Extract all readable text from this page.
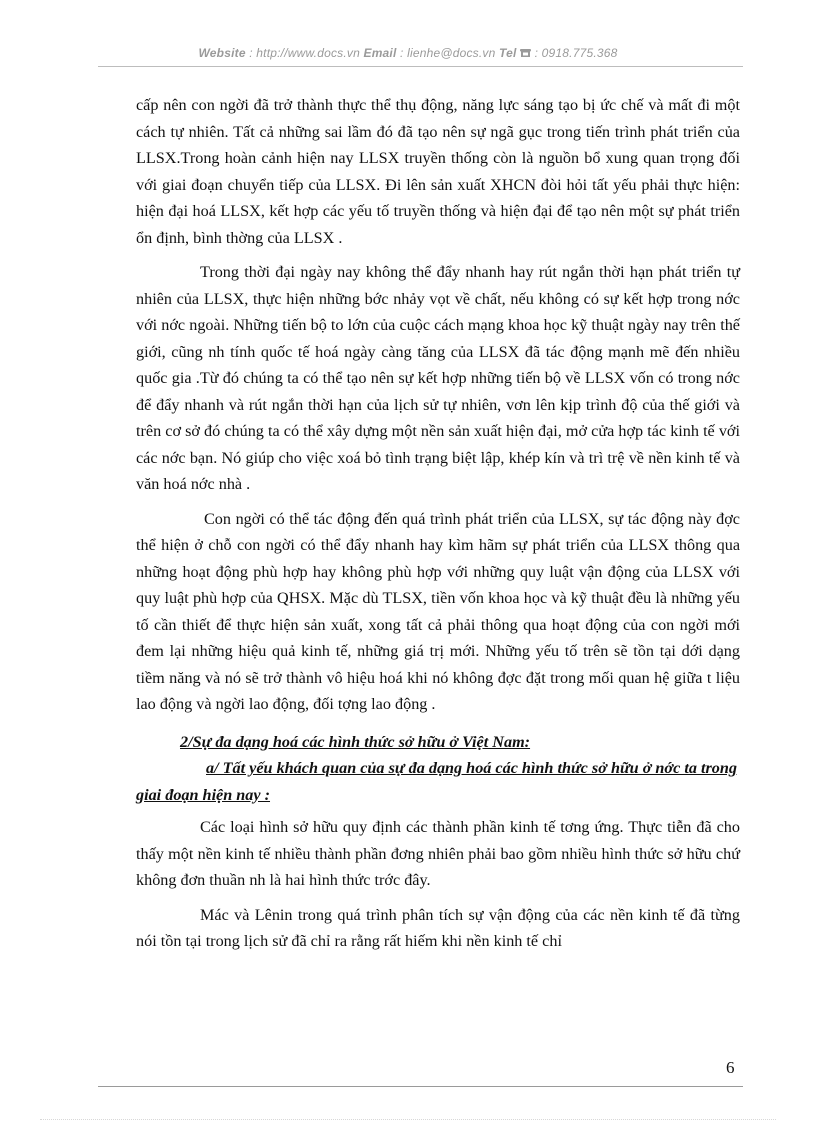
Website : http://www.docs.vn Email : lienhe@docs.vn Tel  : 0918.775.368

cấp nên con ngời đã trở thành thực thể thụ động, năng lực sáng tạo bị ức chế và mất đi một cách tự nhiên. Tất cả những sai lầm đó đã tạo nên sự ngã gục trong tiến trình phát triển của LLSX.Trong hoàn cảnh hiện nay LLSX truyền thống còn là nguồn bổ xung quan trọng đối với giai đoạn chuyển tiếp của LLSX. Đi lên sản xuất XHCN đòi hỏi tất yếu phải thực hiện: hiện đại hoá LLSX, kết hợp các yếu tố truyền thống và hiện đại để tạo nên một sự phát triển ổn định, bình thờng của LLSX .

Trong thời đại ngày nay không thể đẩy nhanh hay rút ngắn thời hạn phát triển tự nhiên của LLSX, thực hiện những bớc nhảy vọt về chất, nếu không có sự kết hợp trong nớc với nớc ngoài. Những tiến bộ to lớn của cuộc cách mạng khoa học kỹ thuật ngày nay trên thế giới, cũng nh tính quốc tế hoá ngày càng tăng của LLSX đã tác động mạnh mẽ đến nhiều quốc gia .Từ đó chúng ta có thể tạo nên sự kết hợp những tiến bộ về LLSX vốn có trong nớc để đẩy nhanh và rút ngắn thời hạn của lịch sử tự nhiên, vơn lên kịp trình độ của thế giới và trên cơ sở đó chúng ta có thể xây dựng một nền sản xuất hiện đại, mở cửa hợp tác kinh tế với các nớc bạn. Nó giúp cho việc xoá bỏ tình trạng biệt lập, khép kín và trì trệ về nền kinh tế và văn hoá nớc nhà .

Con ngời có thể tác động đến quá trình phát triển của LLSX, sự tác động này đợc thể hiện ở chỗ con ngời có thể đẩy nhanh hay kìm hãm sự phát triển của LLSX thông qua những hoạt động phù hợp hay không phù hợp với những quy luật vận động của LLSX với quy luật phù hợp của QHSX. Mặc dù TLSX, tiền vốn khoa học và kỹ thuật đều là những yếu tố cần thiết để thực hiện sản xuất, xong tất cả phải thông qua hoạt động của con ngời mới đem lại những hiệu quả kinh tế, những giá trị mới. Những yếu tố trên sẽ tồn tại dới dạng tiềm năng và nó sẽ trở thành vô hiệu hoá khi nó không đợc đặt trong mối quan hệ giữa t liệu lao động và ngời lao động, đối tợng lao động .

2/Sự đa dạng hoá các hình thức sở hữu ở Việt Nam:

a/ Tất yếu khách quan của sự đa dạng hoá các hình thức sở hữu ở nớc ta trong giai đoạn hiện nay :

Các loại hình sở hữu quy định các thành phần kinh tế tơng ứng. Thực tiễn đã cho thấy một nền kinh tế nhiều thành phần đơng nhiên phải bao gồm nhiều hình thức sở hữu chứ không đơn thuần nh là hai hình thức trớc đây.

Mác và Lênin trong quá trình phân tích sự vận động của các nền kinh tế đã từng nói tồn tại trong lịch sử đã chỉ ra rằng rất hiếm khi nền kinh tế chỉ

6
